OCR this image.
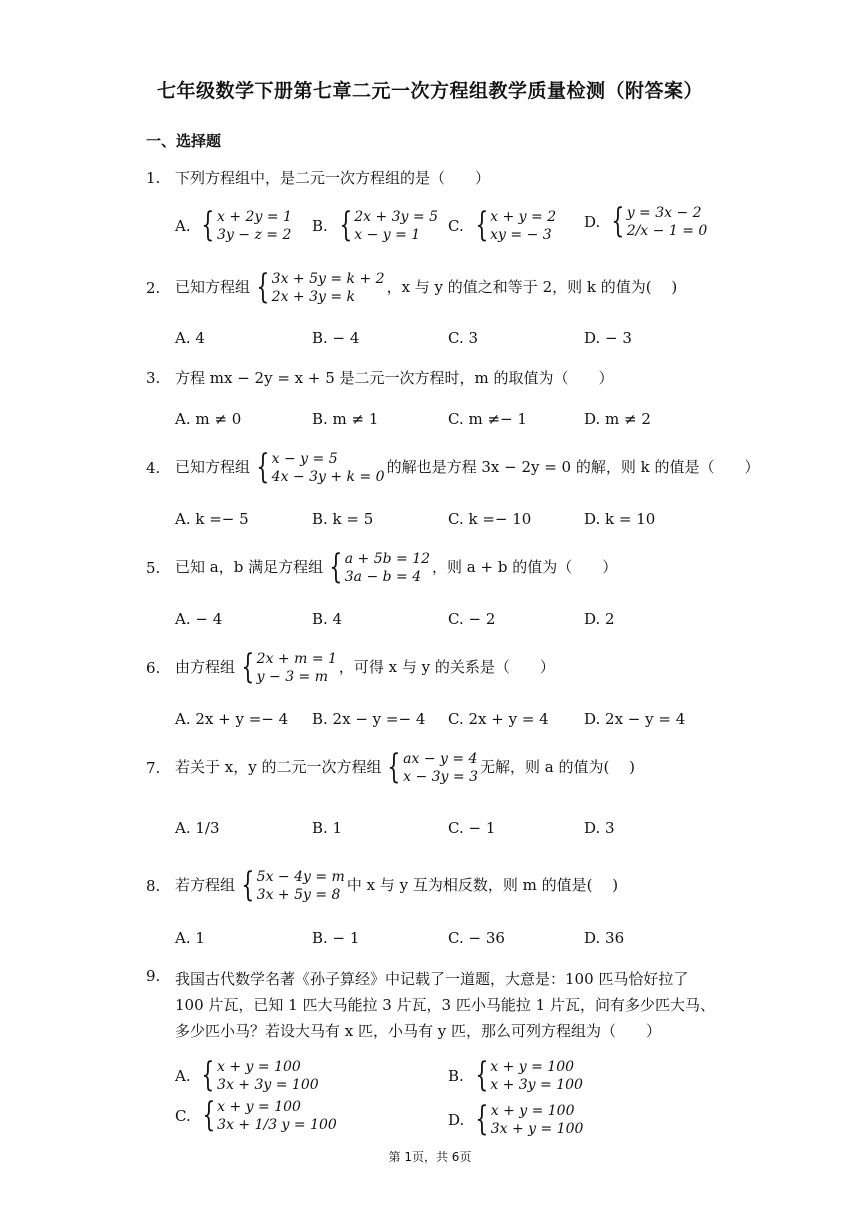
七年级数学下册第七章二元一次方程组教学质量检测（附答案）
一、选择题
1. 下列方程组中，是二元一次方程组的是（　　）
A. { x + 2y = 1
3y − z = 2 B. { 2x + 3y = 5
x − y = 1	C. { x + y = 2
xy = − 3
D. { y = 3x − 2
2/x − 1 = 0
2. 已知方程组 { 3x + 5y = k + 2
2x + 3y = k
，x 与 y 的值之和等于 2，则 k 的值为(　 )
A. 4	B. − 4	C. 3	D. − 3
3. 方程 mx − 2y = x + 5 是二元一次方程时，m 的取值为（　　）
A. m ≠ 0	B. m ≠ 1	C. m ≠− 1	D. m ≠ 2
4. 已知方程组 { x − y = 5
4x − 3y + k = 0
的解也是方程 3x − 2y = 0 的解，则 k 的值是（　　）
A. k =− 5	B. k = 5	C. k =− 10	D. k = 10
5. 已知 a，b 满足方程组 { a + 5b = 12
3a − b = 4
，则 a + b 的值为（　　）
A. − 4	B. 4	C. − 2	D. 2
6. 由方程组 { 2x + m = 1
y − 3 = m
，可得 x 与 y 的关系是（　　）
A. 2x + y =− 4 B. 2x − y =− 4 C. 2x + y = 4 D. 2x − y = 4
7. 若关于 x，y 的二元一次方程组 { ax − y = 4
x − 3y = 3
无解，则 a 的值为(　 )
A. 1/3	B. 1	C. − 1	D. 3
8. 若方程组 { 5x − 4y = m
3x + 5y = 8
中 x 与 y 互为相反数，则 m 的值是(　 )
A. 1	B. − 1	C. − 36	D. 36
9. 我国古代数学名著《孙子算经》中记载了一道题，大意是：100 匹马恰好拉了 100 片瓦，已知 1 匹大马能拉 3 片瓦，3 匹小马能拉 1 片瓦，问有多少匹大马、多少匹小马？若设大马有 x 匹，小马有 y 匹，那么可列方程组为（　　）
A. { x + y = 100
3x + 3y = 100	B. { x + y = 100
x + 3y = 100
C. { x + y = 100
3x + 1/3 y = 100	D. { x + y = 100
3x + y = 100
第 1页，共 6页
